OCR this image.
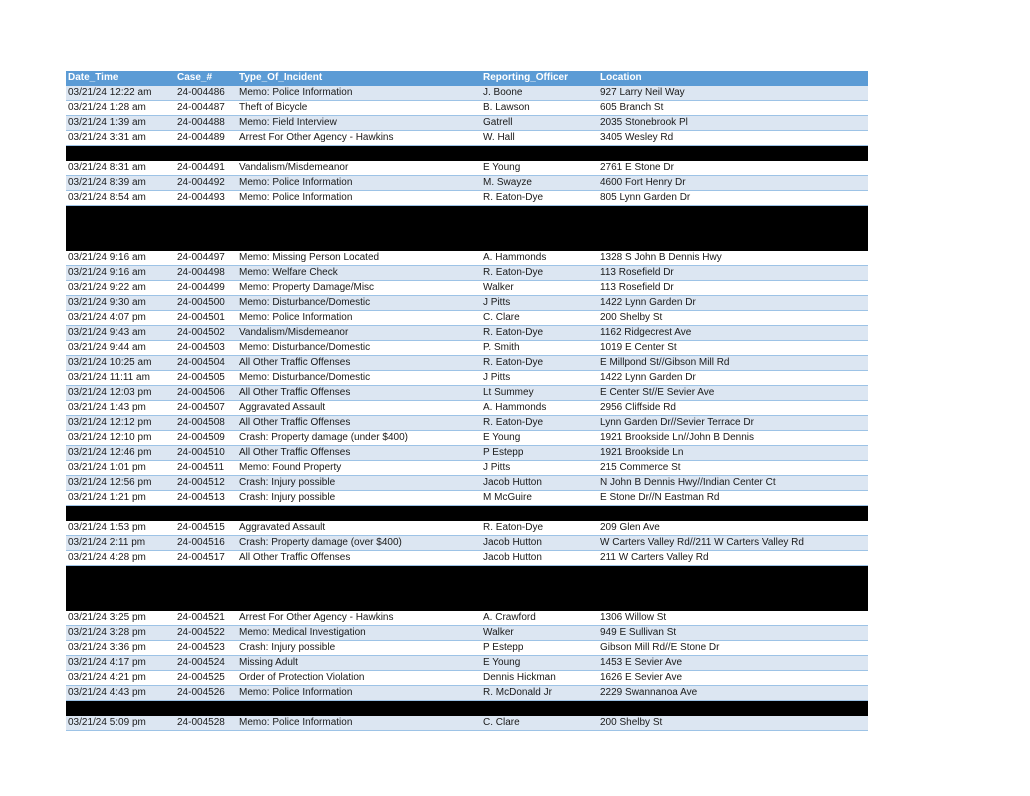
Date_Time	Case_#	Type_Of_Incident	Reporting_Officer	Location
03/21/24 12:22 am	24-004486	Memo: Police Information	J. Boone	927 Larry Neil Way
03/21/24 1:28 am	24-004487	Theft of Bicycle	B. Lawson	605 Branch St
03/21/24 1:39 am	24-004488	Memo: Field Interview	Gatrell	2035 Stonebrook Pl
03/21/24 3:31 am	24-004489	Arrest For Other Agency - Hawkins	W. Hall	3405 Wesley Rd
03/21/24 8:31 am	24-004491	Vandalism/Misdemeanor	E Young	2761 E Stone Dr
03/21/24 8:39 am	24-004492	Memo: Police Information	M. Swayze	4600 Fort Henry Dr
03/21/24 8:54 am	24-004493	Memo: Police Information	R. Eaton-Dye	805 Lynn Garden Dr
03/21/24 9:16 am	24-004497	Memo: Missing Person Located	A. Hammonds	1328 S John B Dennis Hwy
03/21/24 9:16 am	24-004498	Memo: Welfare Check	R. Eaton-Dye	113 Rosefield Dr
03/21/24 9:22 am	24-004499	Memo: Property Damage/Misc	Walker	113 Rosefield Dr
03/21/24 9:30 am	24-004500	Memo: Disturbance/Domestic	J Pitts	1422 Lynn Garden Dr
03/21/24 4:07 pm	24-004501	Memo: Police Information	C. Clare	200 Shelby St
03/21/24 9:43 am	24-004502	Vandalism/Misdemeanor	R. Eaton-Dye	1162 Ridgecrest Ave
03/21/24 9:44 am	24-004503	Memo: Disturbance/Domestic	P. Smith	1019 E Center St
03/21/24 10:25 am	24-004504	All Other Traffic Offenses	R. Eaton-Dye	E Millpond St//Gibson Mill Rd
03/21/24 11:11 am	24-004505	Memo: Disturbance/Domestic	J Pitts	1422 Lynn Garden Dr
03/21/24 12:03 pm	24-004506	All Other Traffic Offenses	Lt Summey	E Center St//E Sevier Ave
03/21/24 1:43 pm	24-004507	Aggravated Assault	A. Hammonds	2956 Cliffside Rd
03/21/24 12:12 pm	24-004508	All Other Traffic Offenses	R. Eaton-Dye	Lynn Garden Dr//Sevier Terrace Dr
03/21/24 12:10 pm	24-004509	Crash: Property damage (under $400)	E Young	1921 Brookside Ln//John B Dennis
03/21/24 12:46 pm	24-004510	All Other Traffic Offenses	P Estepp	1921 Brookside Ln
03/21/24 1:01 pm	24-004511	Memo: Found Property	J Pitts	215 Commerce St
03/21/24 12:56 pm	24-004512	Crash: Injury possible	Jacob Hutton	N John B Dennis Hwy//Indian Center Ct
03/21/24 1:21 pm	24-004513	Crash: Injury possible	M McGuire	E Stone Dr//N Eastman Rd
03/21/24 1:53 pm	24-004515	Aggravated Assault	R. Eaton-Dye	209 Glen Ave
03/21/24 2:11 pm	24-004516	Crash: Property damage (over $400)	Jacob Hutton	W Carters Valley Rd//211 W Carters Valley Rd
03/21/24 4:28 pm	24-004517	All Other Traffic Offenses	Jacob Hutton	211 W Carters Valley Rd
03/21/24 3:25 pm	24-004521	Arrest For Other Agency - Hawkins	A. Crawford	1306 Willow St
03/21/24 3:28 pm	24-004522	Memo: Medical Investigation	Walker	949 E Sullivan St
03/21/24 3:36 pm	24-004523	Crash: Injury possible	P Estepp	Gibson Mill Rd//E Stone Dr
03/21/24 4:17 pm	24-004524	Missing Adult	E Young	1453 E Sevier Ave
03/21/24 4:21 pm	24-004525	Order of Protection Violation	Dennis Hickman	1626 E Sevier Ave
03/21/24 4:43 pm	24-004526	Memo: Police Information	R. McDonald Jr	2229 Swannanoa Ave
03/21/24 5:09 pm	24-004528	Memo: Police Information	C. Clare	200 Shelby St
